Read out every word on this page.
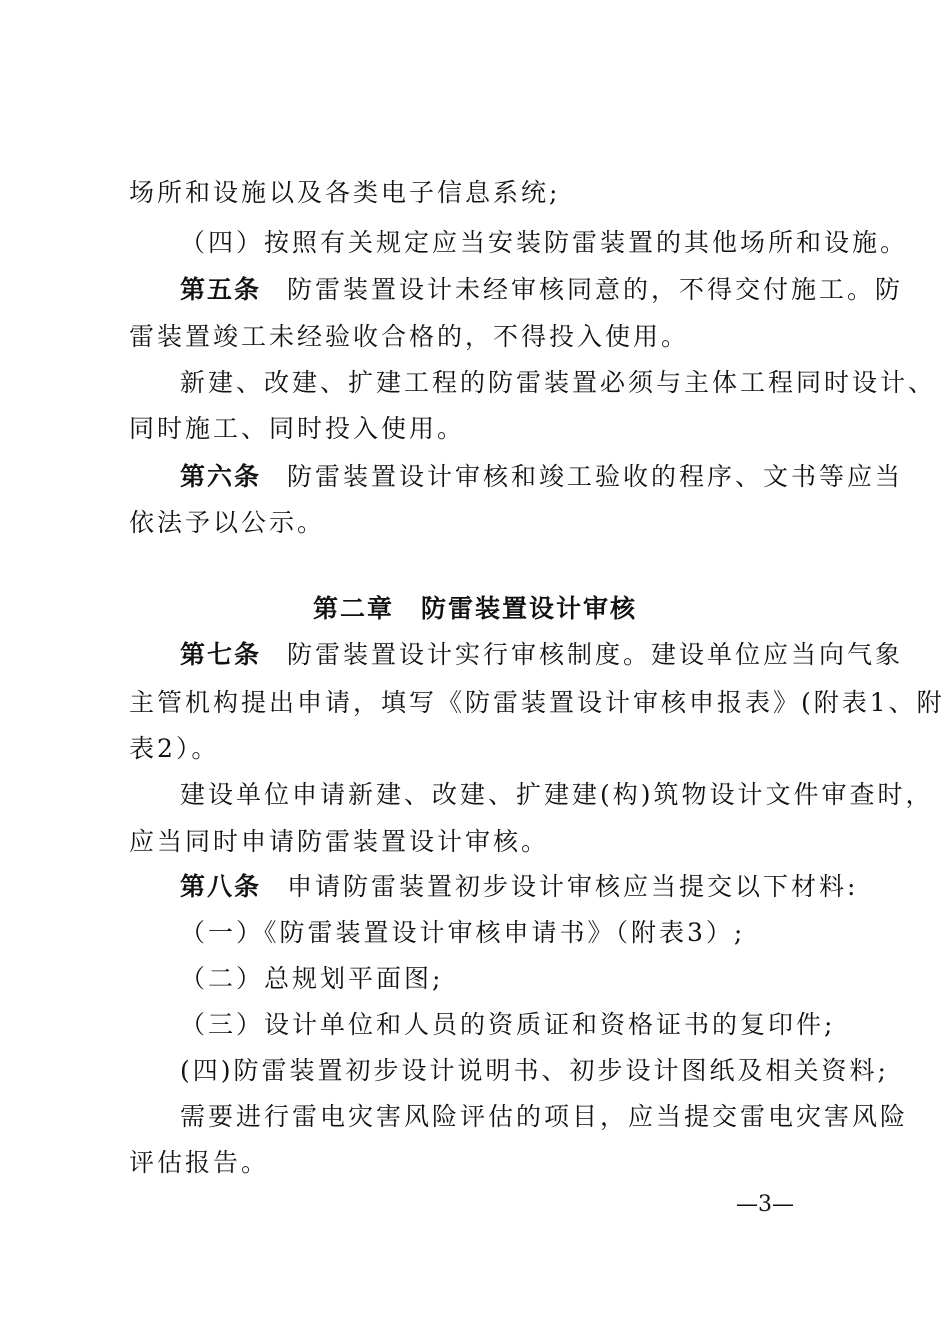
场所和设施以及各类电子信息系统;
（四）按照有关规定应当安装防雷装置的其他场所和设施。
第五条 防雷装置设计未经审核同意的，不得交付施工。防
雷装置竣工未经验收合格的，不得投入使用。
新建、改建、扩建工程的防雷装置必须与主体工程同时设计、
同时施工、同时投入使用。
第六条 防雷装置设计审核和竣工验收的程序、文书等应当
依法予以公示。
第二章　防雷装置设计审核
第七条 防雷装置设计实行审核制度。建设单位应当向气象
主管机构提出申请，填写《防雷装置设计审核申报表》(附表1、附
表2）。
建设单位申请新建、改建、扩建建(构)筑物设计文件审查时，
应当同时申请防雷装置设计审核。
第八条 申请防雷装置初步设计审核应当提交以下材料:
（一）《防雷装置设计审核申请书》（附表3）;
（二）总规划平面图;
（三）设计单位和人员的资质证和资格证书的复印件;
(四)防雷装置初步设计说明书、初步设计图纸及相关资料;
需要进行雷电灾害风险评估的项目，应当提交雷电灾害风险
评估报告。
—3—
